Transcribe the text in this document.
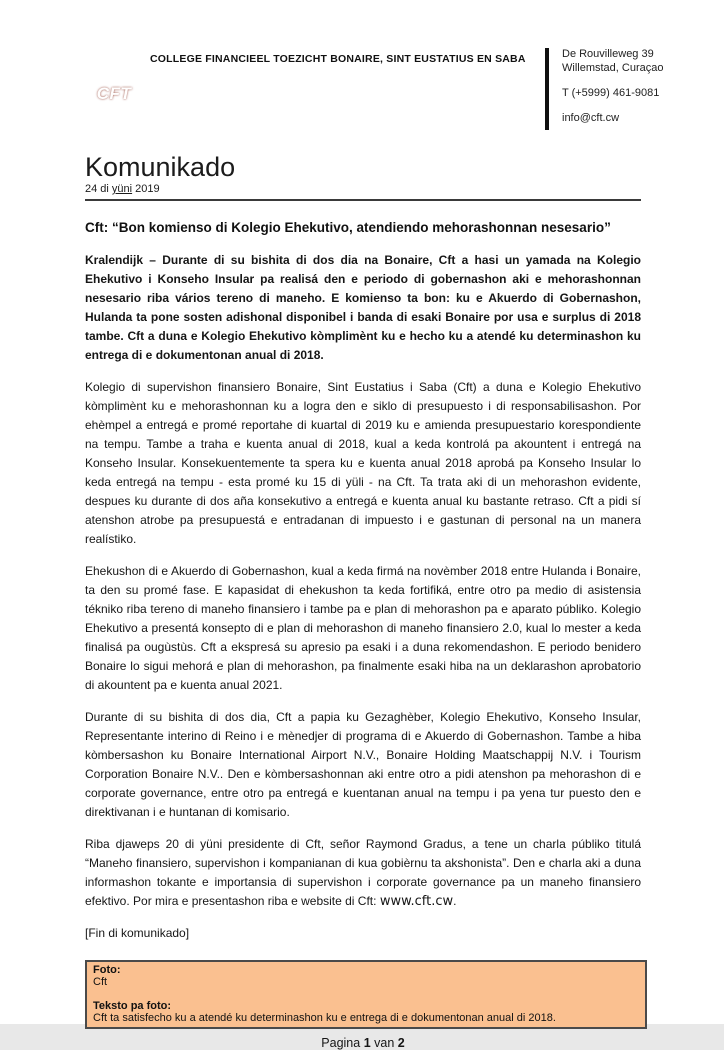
CFT
COLLEGE FINANCIEEL TOEZICHT BONAIRE, SINT EUSTATIUS EN SABA	De Rouvilleweg 39
Willemstad, Curaçao
T (+5999) 461-9081
info@cft.cw
Komunikado

24 di yüni 2019

Cft: “Bon komienso di Kolegio Ehekutivo, atendiendo mehorashonnan nesesario”

Kralendijk – Durante di su bishita di dos dia na Bonaire, Cft a hasi un yamada na Kolegio Ehekutivo i Konseho Insular pa realisá den e periodo di gobernashon aki e mehorashonnan nesesario riba vários tereno di maneho. E komienso ta bon: ku e Akuerdo di Gobernashon, Hulanda ta pone sosten adishonal disponibel i banda di esaki Bonaire por usa e surplus di 2018 tambe. Cft a duna e Kolegio Ehekutivo kòmplimènt ku e hecho ku a atendé ku determinashon ku entrega di e dokumentonan anual di 2018.

Kolegio di supervishon finansiero Bonaire, Sint Eustatius i Saba (Cft) a duna e Kolegio Ehekutivo kòmplimènt ku e mehorashonnan ku a logra den e siklo di presupuesto i di responsabilisashon. Por ehèmpel a entregá e promé reportahe di kuartal di 2019 ku e amienda presupuestario korespondiente na tempu. Tambe a traha e kuenta anual di 2018, kual a keda kontrolá pa akountent i entregá na Konseho Insular. Konsekuentemente ta spera ku e kuenta anual 2018 aprobá pa Konseho Insular lo keda entregá na tempu - esta promé ku 15 di yüli - na Cft. Ta trata aki di un mehorashon evidente, despues ku durante di dos aña konsekutivo a entregá e kuenta anual ku bastante retraso. Cft a pidi sí atenshon atrobe pa presupuestá e entradanan di impuesto i e gastunan di personal na un manera realístiko.

Ehekushon di e Akuerdo di Gobernashon, kual a keda firmá na novèmber 2018 entre Hulanda i Bonaire, ta den su promé fase. E kapasidat di ehekushon ta keda fortifiká, entre otro pa medio di asistensia tékniko riba tereno di maneho finansiero i tambe pa e plan di mehorashon pa e aparato públiko. Kolegio Ehekutivo a presentá konsepto di e plan di mehorashon di maneho finansiero 2.0, kual lo mester a keda finalisá pa ougùstùs. Cft a ekspresá su apresio pa esaki i a duna rekomendashon. E periodo benidero Bonaire lo sigui mehorá e plan di mehorashon, pa finalmente esaki hiba na un deklarashon aprobatorio di akountent pa e kuenta anual 2021.

Durante di su bishita di dos dia, Cft a papia ku Gezaghèber, Kolegio Ehekutivo, Konseho Insular, Representante interino di Reino i e mènedjer di programa di e Akuerdo di Gobernashon. Tambe a hiba kòmbersashon ku Bonaire International Airport N.V., Bonaire Holding Maatschappij N.V. i Tourism Corporation Bonaire N.V.. Den e kòmbersashonnan aki entre otro a pidi atenshon pa mehorashon di e corporate governance, entre otro pa entregá e kuentanan anual na tempu i pa yena tur puesto den e direktivanan i e huntanan di komisario.

Riba djaweps 20 di yüni presidente di Cft, señor Raymond Gradus, a tene un charla públiko titulá “Maneho finansiero, supervishon i kompanianan di kua gobièrnu ta akshonista”. Den e charla aki a duna informashon tokante e importansia di supervishon i corporate governance pa un maneho finansiero efektivo. Por mira e presentashon riba e website di Cft: www.cft.cw.

[Fin di komunikado]

Foto:
Cft
Teksto pa foto:
Cft ta satisfecho ku a atendé ku determinashon ku e entrega di e dokumentonan anual di 2018.
Pagina 1 van 2
